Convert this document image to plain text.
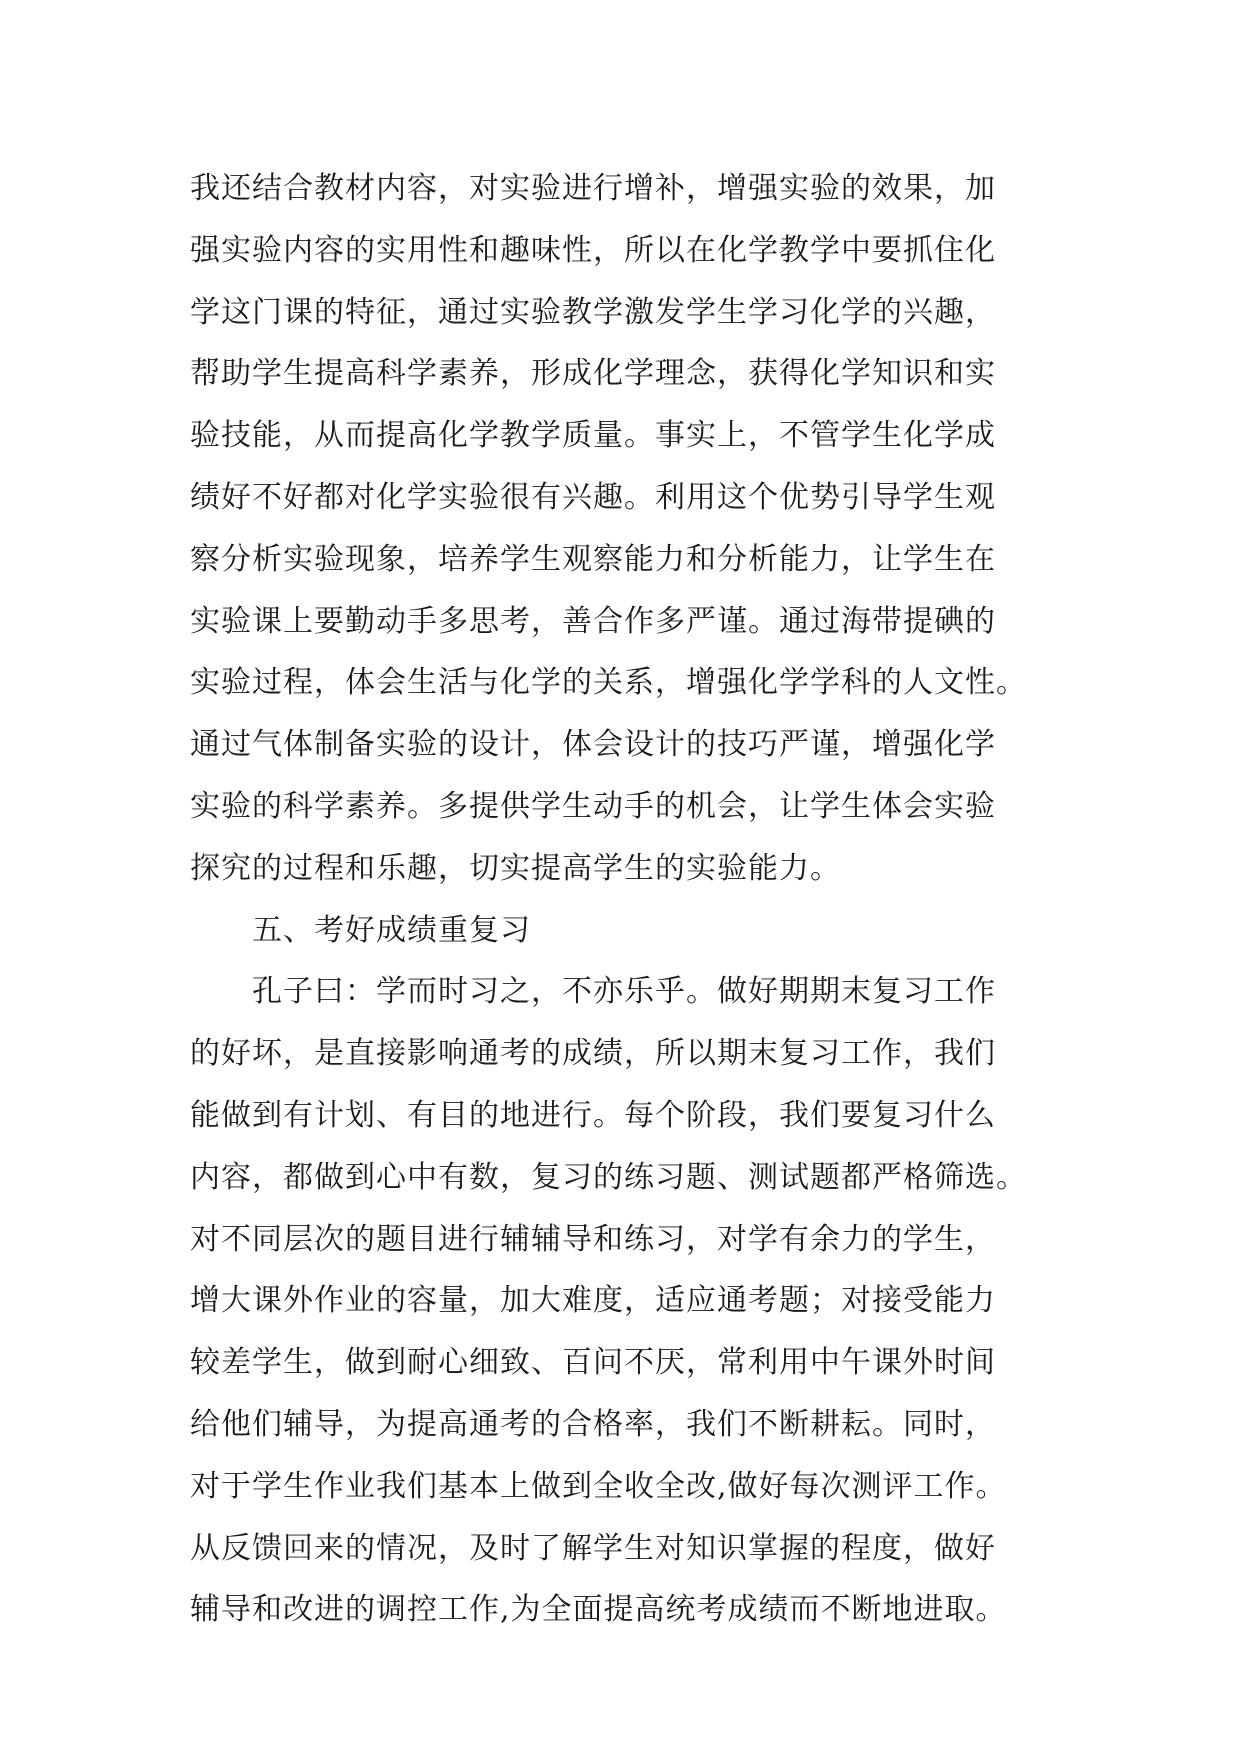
我还结合教材内容，对实验进行增补，增强实验的效果，加
强实验内容的实用性和趣味性，所以在化学教学中要抓住化
学这门课的特征，通过实验教学激发学生学习化学的兴趣，
帮助学生提高科学素养，形成化学理念，获得化学知识和实
验技能，从而提高化学教学质量。事实上，不管学生化学成
绩好不好都对化学实验很有兴趣。利用这个优势引导学生观
察分析实验现象，培养学生观察能力和分析能力，让学生在
实验课上要勤动手多思考，善合作多严谨。通过海带提碘的
实验过程，体会生活与化学的关系，增强化学学科的人文性。
通过气体制备实验的设计，体会设计的技巧严谨，增强化学
实验的科学素养。多提供学生动手的机会，让学生体会实验
探究的过程和乐趣，切实提高学生的实验能力。
五、考好成绩重复习
孔子曰：学而时习之，不亦乐乎。做好期期末复习工作
的好坏，是直接影响通考的成绩，所以期末复习工作，我们
能做到有计划、有目的地进行。每个阶段，我们要复习什么
内容，都做到心中有数，复习的练习题、测试题都严格筛选。
对不同层次的题目进行辅辅导和练习，对学有余力的学生，
增大课外作业的容量，加大难度，适应通考题；对接受能力
较差学生，做到耐心细致、百问不厌，常利用中午课外时间
给他们辅导，为提高通考的合格率，我们不断耕耘。同时，
对于学生作业我们基本上做到全收全改,做好每次测评工作。
从反馈回来的情况，及时了解学生对知识掌握的程度，做好
辅导和改进的调控工作,为全面提高统考成绩而不断地进取。
